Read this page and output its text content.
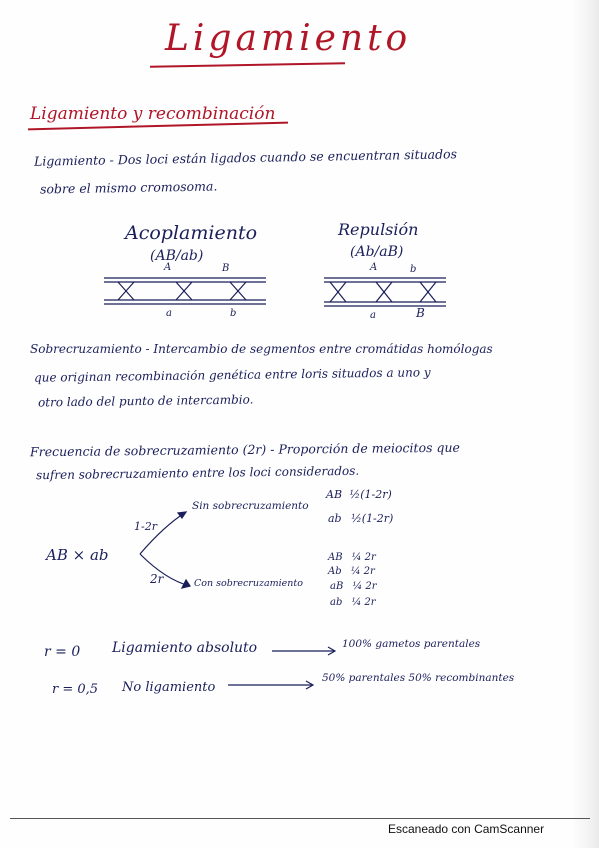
Ligamiento
Ligamiento y recombinación
Ligamiento - Dos loci están ligados cuando se encuentran situados
sobre el mismo cromosoma.
Acoplamiento
(AB/ab)
A	B
a	b
Repulsión
(Ab/aB)
A	b
a	B
Sobrecruzamiento - Intercambio de segmentos entre cromátidas homólogas
que originan recombinación genética entre loris situados a uno y
otro lado del punto de intercambio.
Frecuencia de sobrecruzamiento (2r) - Proporción de meiocitos que
sufren sobrecruzamiento entre los loci considerados.
AB × ab
1-2r
2r
Sin sobrecruzamiento
Con sobrecruzamiento
AB ½(1-2r)
ab ½(1-2r)
AB ¼ 2r
Ab ¼ 2r
aB ¼ 2r
ab ¼ 2r
r = 0 Ligamiento absoluto	100% gametos parentales
r = 0,5 No ligamiento
50% parentales 50% recombinantes
Escaneado con CamScanner
